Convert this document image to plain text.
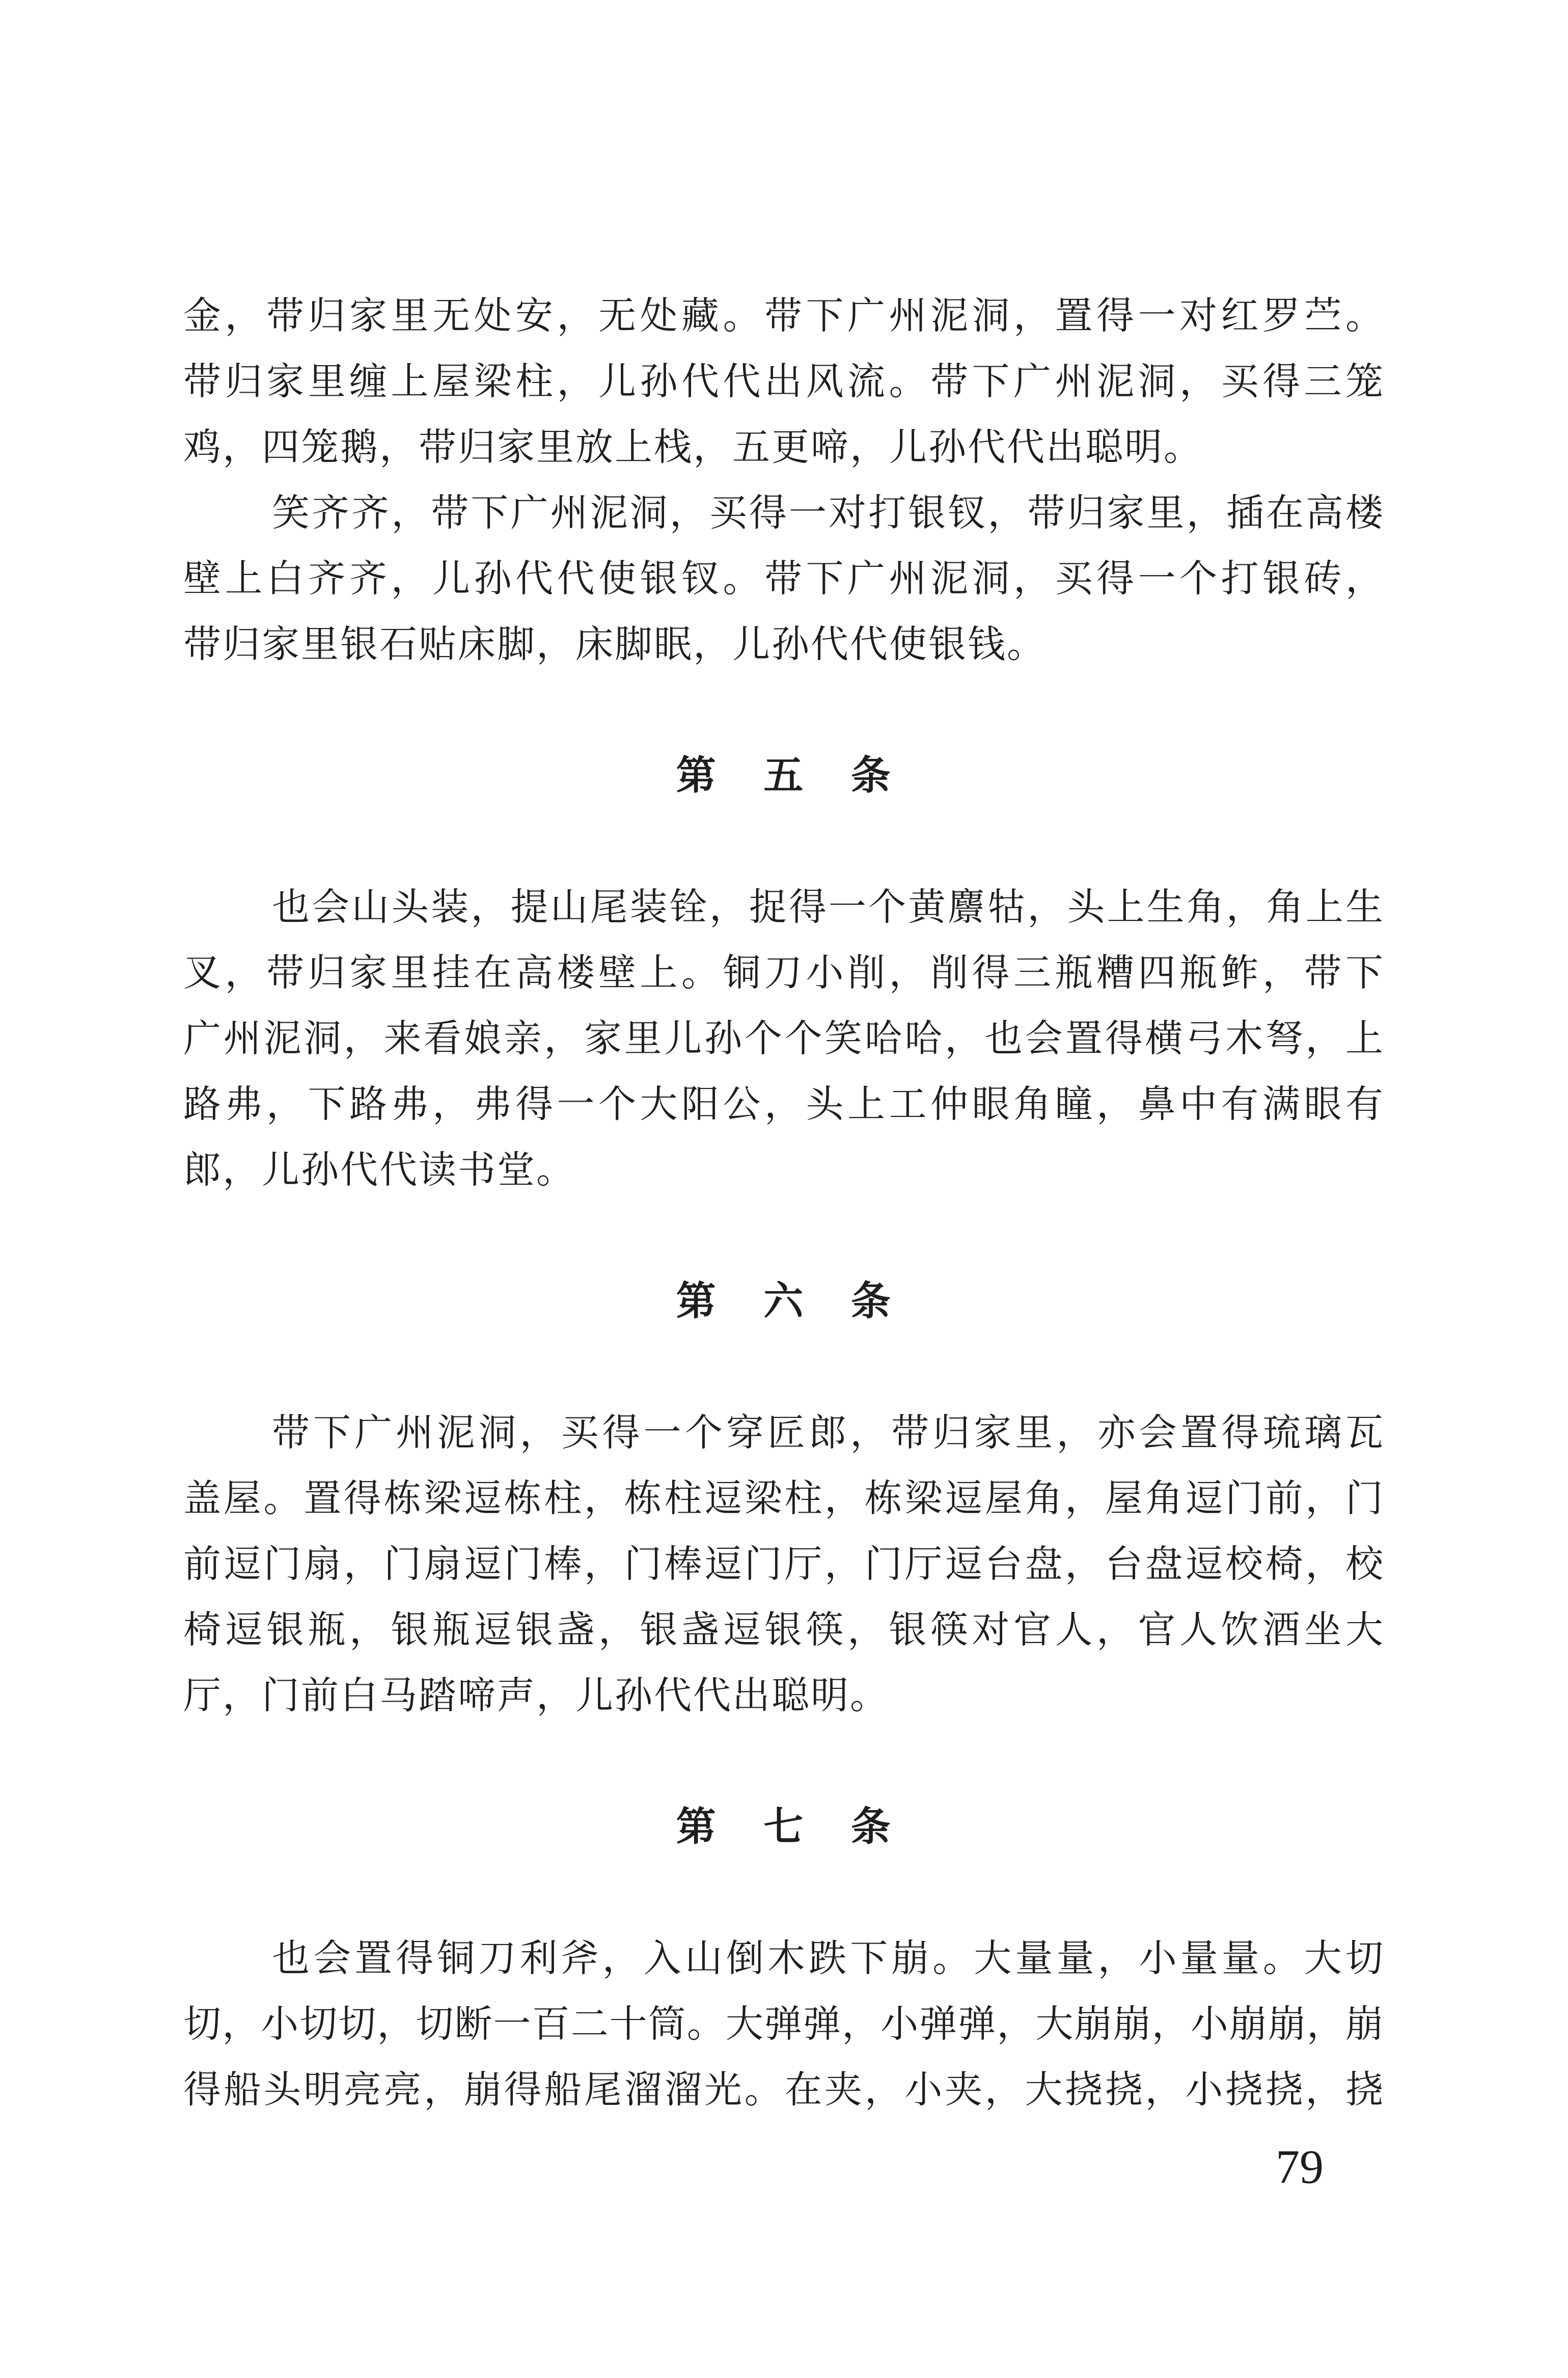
金，带归家里无处安，无处藏。带下广州泥洞，置得一对红罗苎。
带归家里缠上屋梁柱，儿孙代代出风流。带下广州泥洞，买得三笼
鸡，四笼鹅，带归家里放上栈，五更啼，儿孙代代出聪明。
笑齐齐，带下广州泥洞，买得一对打银钗，带归家里，插在高楼
壁上白齐齐，儿孙代代使银钗。带下广州泥洞，买得一个打银砖，
带归家里银石贴床脚，床脚眠，儿孙代代使银钱。
第五条
也会山头装，提山尾装铨，捉得一个黄麖牯，头上生角，角上生
叉，带归家里挂在高楼壁上。铜刀小削，削得三瓶糟四瓶鲊，带下
广州泥洞，来看娘亲，家里儿孙个个笑哈哈，也会置得横弓木弩，上
路弗，下路弗，弗得一个大阳公，头上工仲眼角瞳，鼻中有满眼有
郎，儿孙代代读书堂。
第六条
带下广州泥洞，买得一个穿匠郎，带归家里，亦会置得琉璃瓦
盖屋。置得栋梁逗栋柱，栋柱逗梁柱，栋梁逗屋角，屋角逗门前，门
前逗门扇，门扇逗门棒，门棒逗门厅，门厅逗台盘，台盘逗校椅，校
椅逗银瓶，银瓶逗银盏，银盏逗银筷，银筷对官人，官人饮酒坐大
厅，门前白马踏啼声，儿孙代代出聪明。
第七条
也会置得铜刀利斧，入山倒木跌下崩。大量量，小量量。大切
切，小切切，切断一百二十筒。大弹弹，小弹弹，大崩崩，小崩崩，崩
得船头明亮亮，崩得船尾溜溜光。在夹，小夹，大挠挠，小挠挠，挠
79
